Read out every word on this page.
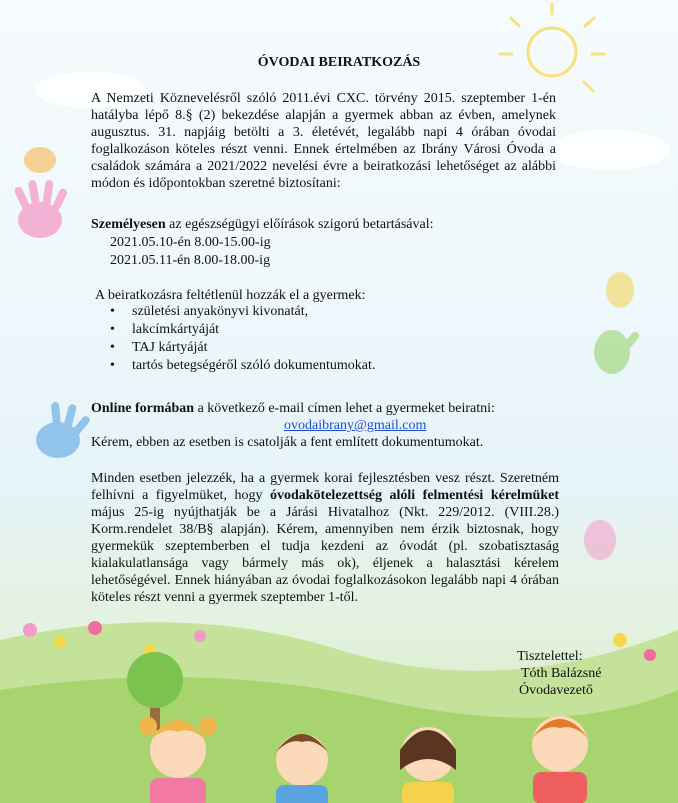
ÓVODAI BEIRATKOZÁS

A Nemzeti Köznevelésről szóló 2011.évi CXC. törvény 2015. szeptember 1-én hatályba lépő 8.§ (2) bekezdése alapján a gyermek abban az évben, amelynek augusztus. 31. napjáig betölti a 3. életévét, legalább napi 4 órában óvodai foglalkozáson köteles részt venni. Ennek értelmében az Ibrány Városi Óvoda a családok számára a 2021/2022 nevelési évre a beiratkozási lehetőséget az alábbi módon és időpontokban szeretné biztosítani:

Személyesen az egészségügyi előírások szigorú betartásával:
2021.05.10-én 8.00-15.00-ig
2021.05.11-én 8.00-18.00-ig
A beiratkozásra feltétlenül hozzák el a gyermek:
• születési anyakönyvi kivonatát,
• lakcímkártyáját
• TAJ kártyáját
• tartós betegségéről szóló dokumentumokat.
Online formában a következő e-mail címen lehet a gyermeket beiratni:
ovodaibrany@gmail.com
Kérem, ebben az esetben is csatolják a fent említett dokumentumokat.

Minden esetben jelezzék, ha a gyermek korai fejlesztésben vesz részt. Szeretném felhívni a figyelmüket, hogy óvodakötelezettség alóli felmentési kérelmüket május 25-ig nyújthatják be a Járási Hivatalhoz (Nkt. 229/2012. (VIII.28.) Korm.rendelet 38/B§ alapján). Kérem, amennyiben nem érzik biztosnak, hogy gyermekük szeptemberben el tudja kezdeni az óvodát (pl. szobatisztaság kialakulatlansága vagy bármely más ok), éljenek a halasztási kérelem lehetőségével. Ennek hiányában az óvodai foglalkozásokon legalább napi 4 órában köteles részt venni a gyermek szeptember 1-től.

Tisztelettel:
Tóth Balázsné
Óvodavezető
